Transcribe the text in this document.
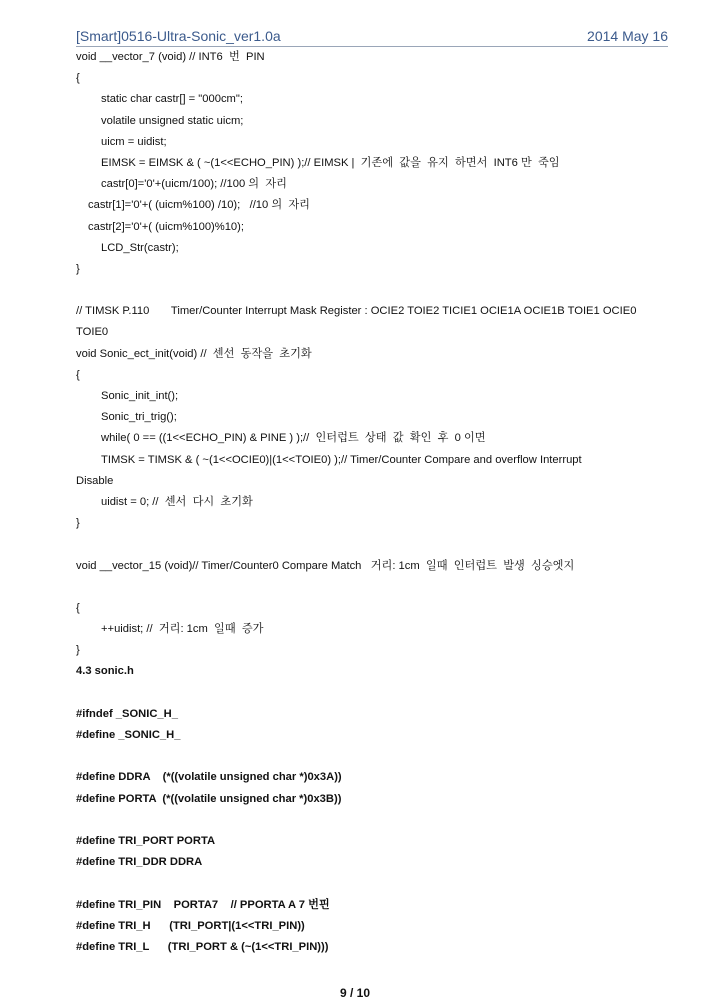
[Smart]0516-Ultra-Sonic_ver1.0a	2014 May 16
void __vector_7 (void) // INT6  번  PIN
{
static char castr[] = "000cm";
volatile unsigned static uicm;
uicm = uidist;
EIMSK = EIMSK & ( ~(1<<ECHO_PIN) );// EIMSK |  기존에  값을  유지  하면서  INT6 만  죽임
castr[0]='0'+(uicm/100); //100 의  자리
castr[1]='0'+( (uicm%100) /10);   //10 의  자리
castr[2]='0'+( (uicm%100)%10);
LCD_Str(castr);
}
// TIMSK P.110       Timer/Counter Interrupt Mask Register : OCIE2 TOIE2 TICIE1 OCIE1A OCIE1B TOIE1 OCIE0
TOIE0
void Sonic_ect_init(void) //  센선  동작을  초기화
{
Sonic_init_int();
Sonic_tri_trig();
while( 0 == ((1<<ECHO_PIN) & PINE ) );//  인터럽트  상태  값  확인  후  0 이면
TIMSK = TIMSK & ( ~(1<<OCIE0)|(1<<TOIE0) );// Timer/Counter Compare and overflow Interrupt
Disable
uidist = 0; //  센서  다시  초기화
}
void __vector_15 (void)// Timer/Counter0 Compare Match   거리: 1cm  일때  인터럽트  발생  싱승엣지
{
++uidist; //  거리: 1cm  일때  증가
}
4.3 sonic.h
#ifndef _SONIC_H_
#define _SONIC_H_
#define DDRA    (*((volatile unsigned char *)0x3A))
#define PORTA  (*((volatile unsigned char *)0x3B))
#define TRI_PORT PORTA
#define TRI_DDR DDRA
#define TRI_PIN    PORTA7    // PPORTA A 7 번핀
#define TRI_H      (TRI_PORT|(1<<TRI_PIN))
#define TRI_L      (TRI_PORT & (~(1<<TRI_PIN)))
9 / 10
